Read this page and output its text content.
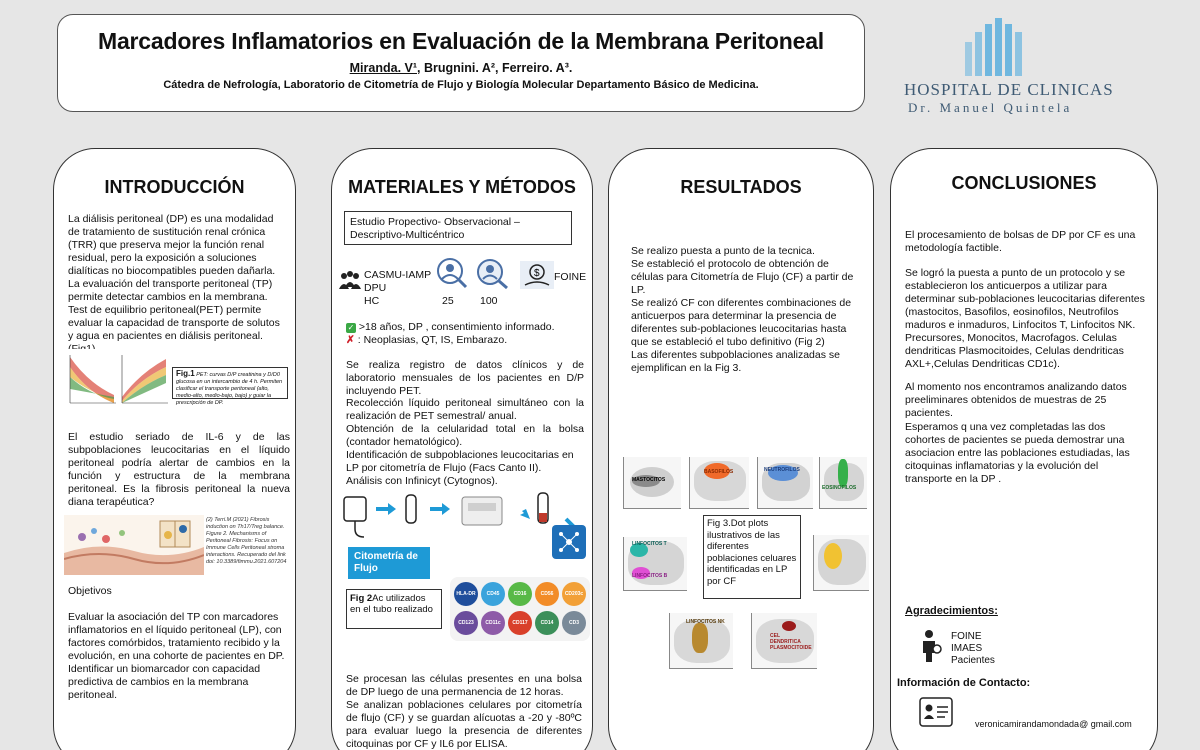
Marcadores Inflamatorios en Evaluación de la Membrana Peritoneal
Miranda. V¹, Brugnini. A², Ferreiro. A³.
Cátedra de Nefrología, Laboratorio de Citometría de Flujo y Biología Molecular Departamento Básico de Medicina.	HOSPITAL DE CLINICAS
Dr. Manuel Quintela
INTRODUCCIÓN
La diálisis peritoneal (DP) es una modalidad de tratamiento de sustitución renal crónica (TRR) que preserva mejor la función renal residual, pero la exposición a soluciones dialíticas no biocompatibles pueden dañarla. La evaluación del transporte peritoneal (TP) permite detectar cambios en la membrana.
Test de equilibrio peritoneal(PET) permite evaluar la capacidad de transporte de solutos y agua en pacientes en diálisis peritoneal.
Fig.1 PET: curvas D/P creatinina y D/D0 glucosa en un intercambio de 4 h. Permiten clasificar el transporte peritoneal (alto, medio-alto, medio-bajo, bajo) y guiar la prescripción de DP.
El estudio seriado de IL-6 y de las subpoblaciones leucocitarias en el líquido peritoneal podría alertar de cambios en la función y estructura de la membrana peritoneal. Es la fibrosis peritoneal la nueva diana terapéutica?
(2) Terri.M (2021) Fibrosis induction on Th17/Treg balance. Figure 2. Mechanisms of Peritoneal Fibrosis: Focus on Immune Cells Peritoneal stroma interactions. Recuperado del link doi: 10.3389/fimmu.2021.607204
Objetivos
Evaluar la asociación del TP con marcadores inflamatorios en el líquido peritoneal (LP), con factores comórbidos, tratamiento recibido y la evolución, en una cohorte de pacientes en DP. Identificar un biomarcador con capacidad predictiva de cambios en la membrana peritoneal.
MATERIALES Y MÉTODOS
Estudio Propectivo- Observacional –Descriptivo-Multicéntrico
CASMU-IAMP
DPU
HC	25	100
$ FOINE
✓ >18 años, DP , consentimiento informado.
✗ : Neoplasias, QT, IS, Embarazo.
Se realiza registro de datos clínicos y de laboratorio mensuales de los pacientes en D/P incluyendo PET.
Recolección líquido peritoneal simultáneo con la realización de PET semestral/ anual.
Obtención de la celularidad total en la bolsa (contador hematológico).
Identificación de subpoblaciones leucocitarias en LP por citometría de Flujo (Facs Canto II).
Análisis con Infinicyt (Cytognos).
Citometría de Flujo
Fig 2Ac utilizados en el tubo realizado
HLA-DR	CD45	CD16	CD56	CD203c
CD123	CD11c	CD117	CD14	CD3
Se procesan las células presentes en una bolsa de DP luego de una permanencia de 12 horas.
Se analizan poblaciones celulares por citometría de flujo (CF) y se guardan alícuotas a -20 y -80ºC para evaluar luego la presencia de diferentes citoquinas por CF y IL6 por ELISA.
RESULTADOS
Se realizo puesta a punto de la tecnica.
Se estableció el protocolo de obtención de células para Citometría de Flujo (CF) a partir de LP.
Se realizó CF con diferentes combinaciones de anticuerpos para determinar la presencia de diferentes sub-poblaciones leucocitarias hasta que se estableció el tubo definitivo (Fig 2)
Las diferentes subpoblaciones analizadas se ejemplifican en la Fig 3.
MASTOCITOS
BASOFILOS	NEUTROFILOS
EOSINOFILOS
Fig 3.Dot plots ilustrativos de las diferentes poblaciones celuares identificadas en LP por CF
LINFOCITOS T
LINFOCITOS B
LINFOCITOS NK
CEL DENDRITICA PLASMOCITOIDE
CONCLUSIONES
El procesamiento de bolsas de DP por CF es una metodología factible.
Se logró la puesta a punto de un protocolo y se establecieron los anticuerpos a utilizar para determinar sub-poblaciones leucocitarias diferentes (mastocitos, Basofilos, eosinofilos, Neutrofilos maduros e inmaduros, Linfocitos T, Linfocitos NK. Precursores, Monocitos, Macrofagos. Celulas dendriticas Plasmocitoides, Celulas dendriticas AXL+,Celulas Dendriticas CD1c).
Al momento nos encontramos analizando datos preeliminares obtenidos de muestras de 25 pacientes.
Esperamos q una vez completadas las dos cohortes de pacientes se pueda demostrar una asociacion entre las poblaciones estudiadas, las citoquinas inflamatorias y la evolución del transporte en la DP .
Agradecimientos:
FOINE
IMAES
Pacientes
Información de Contacto:
veronicamirandamondada@ gmail.com
